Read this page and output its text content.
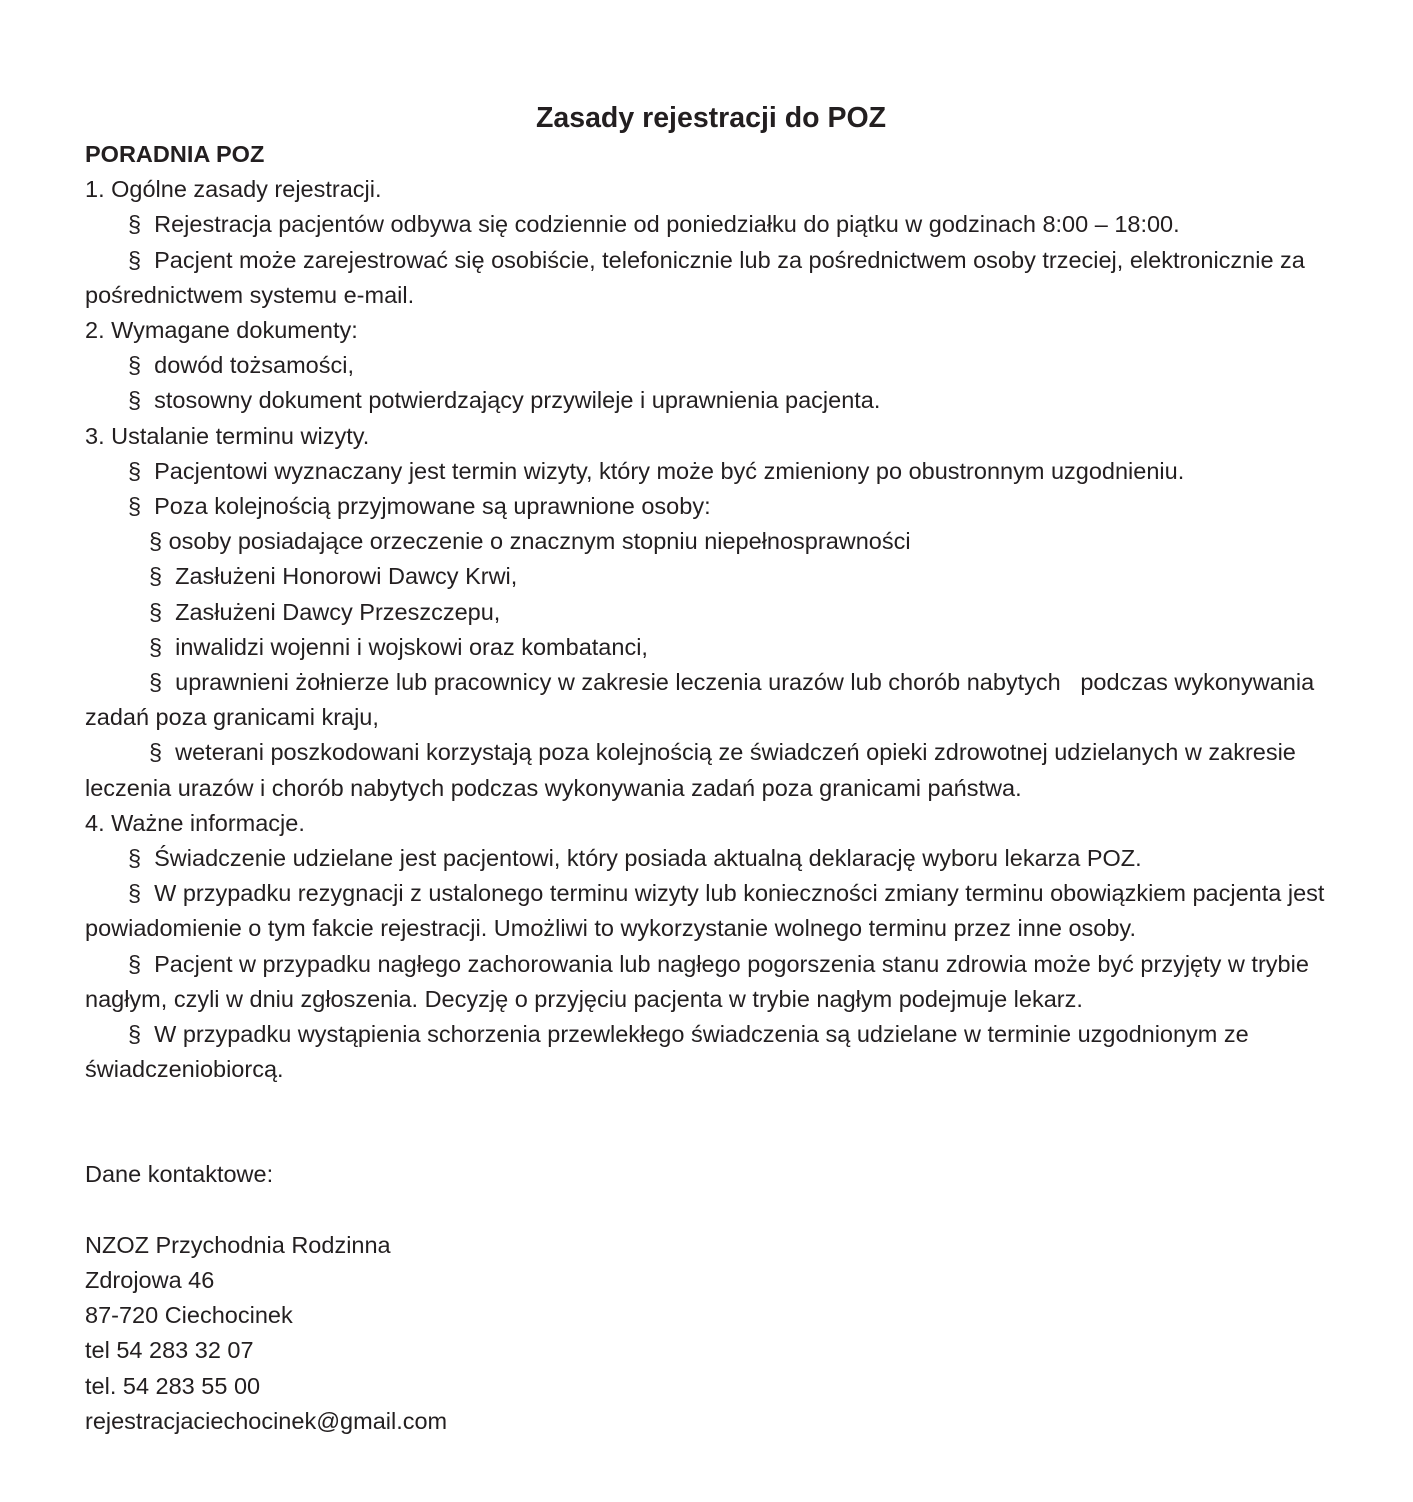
Zasady rejestracji do POZ

PORADNIA POZ

1. Ogólne zasady rejestracji.

§  Rejestracja pacjentów odbywa się codziennie od poniedziałku do piątku w godzinach 8:00 – 18:00.

§  Pacjent może zarejestrować się osobiście, telefonicznie lub za pośrednictwem osoby trzeciej, elektronicznie za pośrednictwem systemu e-mail.

2. Wymagane dokumenty:

§  dowód tożsamości,

§  stosowny dokument potwierdzający przywileje i uprawnienia pacjenta.

3. Ustalanie terminu wizyty.

§  Pacjentowi wyznaczany jest termin wizyty, który może być zmieniony po obustronnym uzgodnieniu.

§  Poza kolejnością przyjmowane są uprawnione osoby:

§ osoby posiadające orzeczenie o znacznym stopniu niepełnosprawności

§  Zasłużeni Honorowi Dawcy Krwi,

§  Zasłużeni Dawcy Przeszczepu,

§  inwalidzi wojenni i wojskowi oraz kombatanci,

§  uprawnieni żołnierze lub pracownicy w zakresie leczenia urazów lub chorób nabytych   podczas wykonywania zadań poza granicami kraju,

§  weterani poszkodowani korzystają poza kolejnością ze świadczeń opieki zdrowotnej udzielanych w zakresie leczenia urazów i chorób nabytych podczas wykonywania zadań poza granicami państwa.

4. Ważne informacje.

§  Świadczenie udzielane jest pacjentowi, który posiada aktualną deklarację wyboru lekarza POZ.

§  W przypadku rezygnacji z ustalonego terminu wizyty lub konieczności zmiany terminu obowiązkiem pacjenta jest powiadomienie o tym fakcie rejestracji. Umożliwi to wykorzystanie wolnego terminu przez inne osoby.

§  Pacjent w przypadku nagłego zachorowania lub nagłego pogorszenia stanu zdrowia może być przyjęty w trybie nagłym, czyli w dniu zgłoszenia. Decyzję o przyjęciu pacjenta w trybie nagłym podejmuje lekarz.

§  W przypadku wystąpienia schorzenia przewlekłego świadczenia są udzielane w terminie uzgodnionym ze świadczeniobiorcą.

Dane kontaktowe:

NZOZ Przychodnia Rodzinna

Zdrojowa 46

87-720 Ciechocinek

tel 54 283 32 07

tel. 54 283 55 00

rejestracjaciechocinek@gmail.com
